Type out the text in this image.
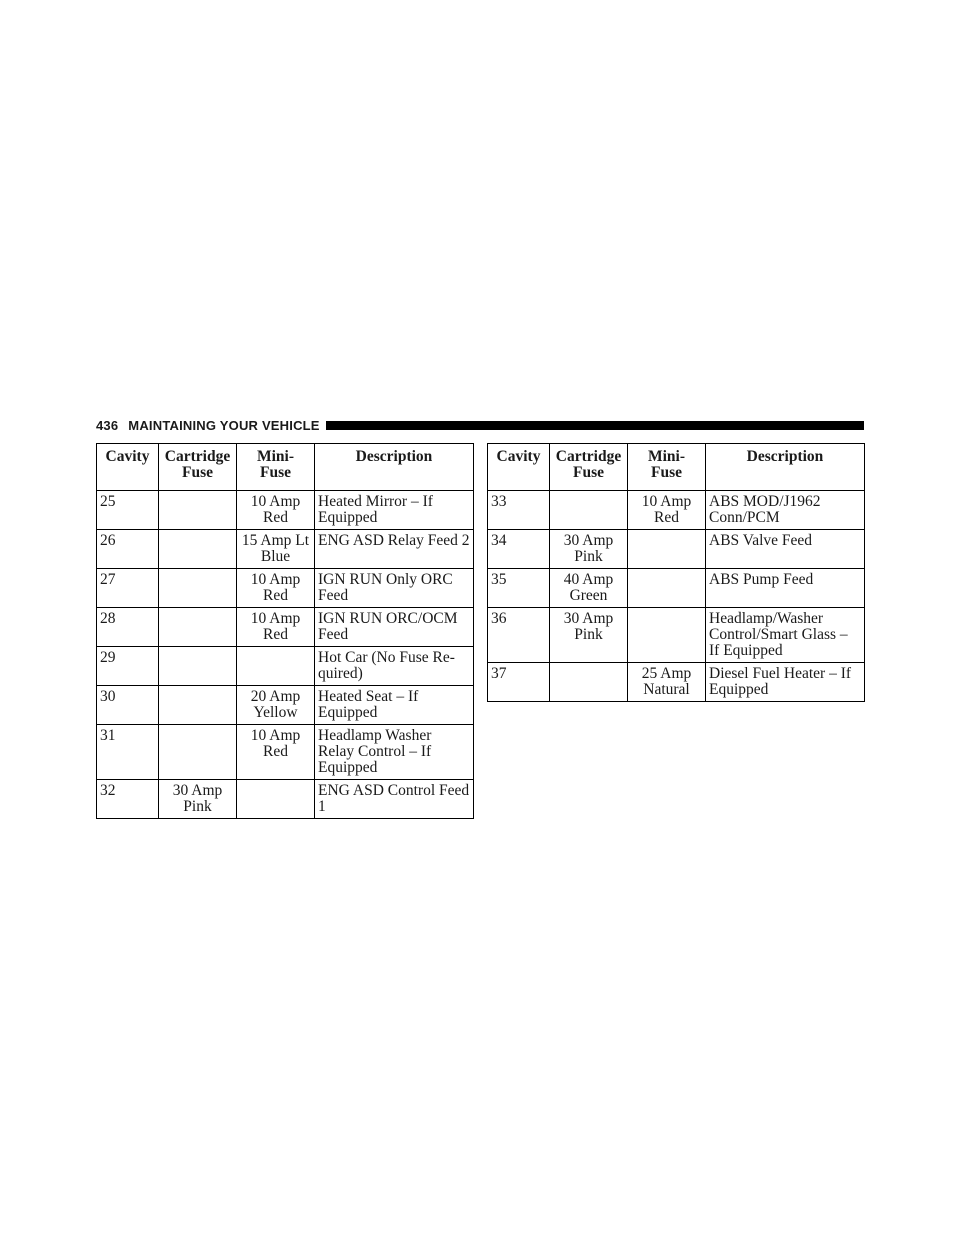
436 MAINTAINING YOUR VEHICLE
Cavity	Cartridge Fuse	Mini- Fuse	Description
25		10 Amp Red	Heated Mirror – If Equipped
26		15 Amp Lt Blue	ENG ASD Relay Feed 2
27		10 Amp Red	IGN RUN Only ORC Feed
28		10 Amp Red	IGN RUN ORC/OCM Feed
29			Hot Car (No Fuse Re- quired)
30		20 Amp Yellow	Heated Seat – If Equipped
31		10 Amp Red	Headlamp Washer Relay Control – If Equipped
32	30 Amp Pink		ENG ASD Control Feed 1
Cavity	Cartridge Fuse	Mini- Fuse	Description
33		10 Amp Red	ABS MOD/J1962 Conn/PCM
34	30 Amp Pink		ABS Valve Feed
35	40 Amp Green		ABS Pump Feed
36	30 Amp Pink		Headlamp/Washer Control/Smart Glass – If Equipped
37		25 Amp Natural	Diesel Fuel Heater – If Equipped
